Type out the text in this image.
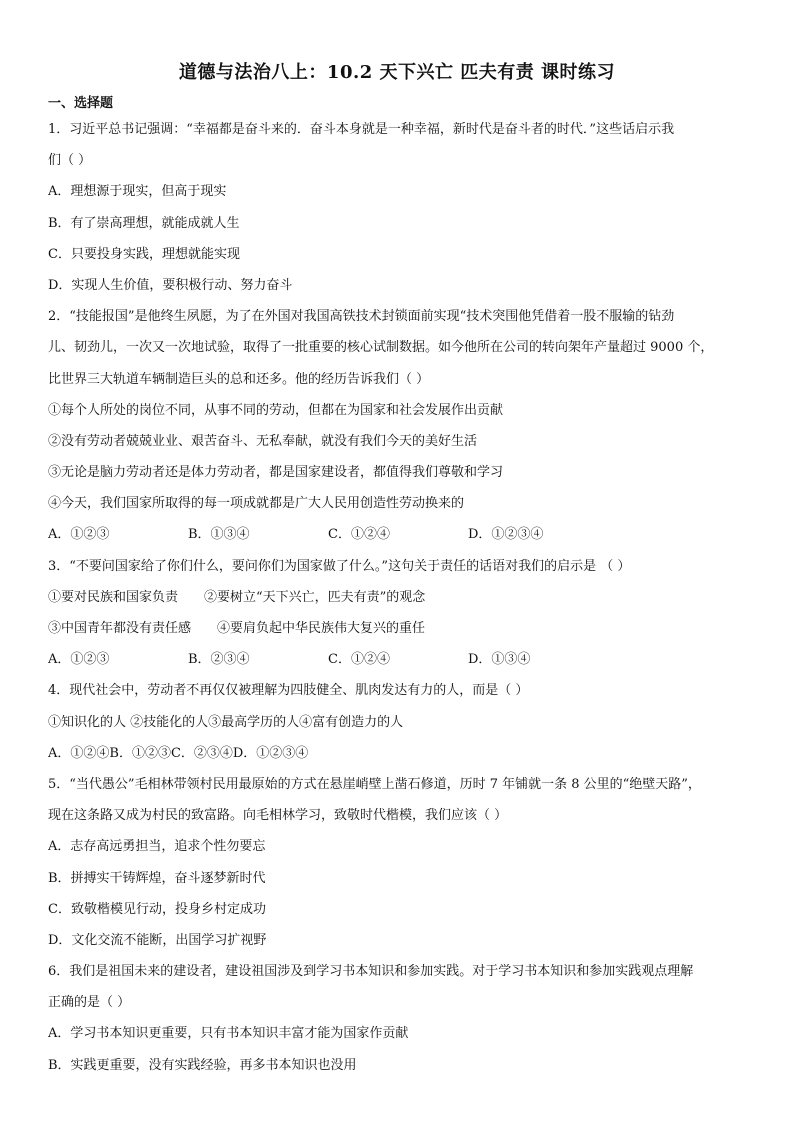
道德与法治八上：10.2 天下兴亡 匹夫有责 课时练习
一、选择题
1．习近平总书记强调：“幸福都是奋斗来的．奋斗本身就是一种幸福，新时代是奋斗者的时代．”这些话启示我
们（ ）
A．理想源于现实，但高于现实
B．有了崇高理想，就能成就人生
C．只要投身实践，理想就能实现
D．实现人生价值，要积极行动、努力奋斗
2．“技能报国”是他终生夙愿，为了在外国对我国高铁技术封锁面前实现“技术突围他凭借着一股不服输的钻劲
儿、韧劲儿，一次又一次地试验，取得了一批重要的核心试制数据。如今他所在公司的转向架年产量超过 9000 个，
比世界三大轨道车辆制造巨头的总和还多。他的经历告诉我们（ ）
①每个人所处的岗位不同，从事不同的劳动，但都在为国家和社会发展作出贡献
②没有劳动者兢兢业业、艰苦奋斗、无私奉献，就没有我们今天的美好生活
③无论是脑力劳动者还是体力劳动者，都是国家建设者，都值得我们尊敬和学习
④今天，我们国家所取得的每一项成就都是广大人民用创造性劳动换来的
A．①②③	B．①③④	C．①②④	D．①②③④
3．“不要问国家给了你们什么，要问你们为国家做了什么。”这句关于责任的话语对我们的启示是 （ ）
①要对民族和国家负责 ②要树立“天下兴亡，匹夫有责”的观念
③中国青年都没有责任感 ④要肩负起中华民族伟大复兴的重任
A．①②③	B．②③④	C．①②④	D．①③④
4．现代社会中，劳动者不再仅仅被理解为四肢健全、肌肉发达有力的人，而是（ ）
①知识化的人 ②技能化的人③最高学历的人④富有创造力的人
A．①②④B．①②③C．②③④D．①②③④
5．“当代愚公”毛相林带领村民用最原始的方式在悬崖峭壁上凿石修道，历时 7 年铺就一条 8 公里的“绝壁天路”，
现在这条路又成为村民的致富路。向毛相林学习，致敬时代楷模，我们应该（ ）
A．志存高远勇担当，追求个性勿要忘
B．拼搏实干铸辉煌，奋斗逐梦新时代
C．致敬楷模见行动，投身乡村定成功
D．文化交流不能断，出国学习扩视野
6．我们是祖国未来的建设者，建设祖国涉及到学习书本知识和参加实践。对于学习书本知识和参加实践观点理解
正确的是（ ）
A．学习书本知识更重要，只有书本知识丰富才能为国家作贡献
B．实践更重要，没有实践经验，再多书本知识也没用
